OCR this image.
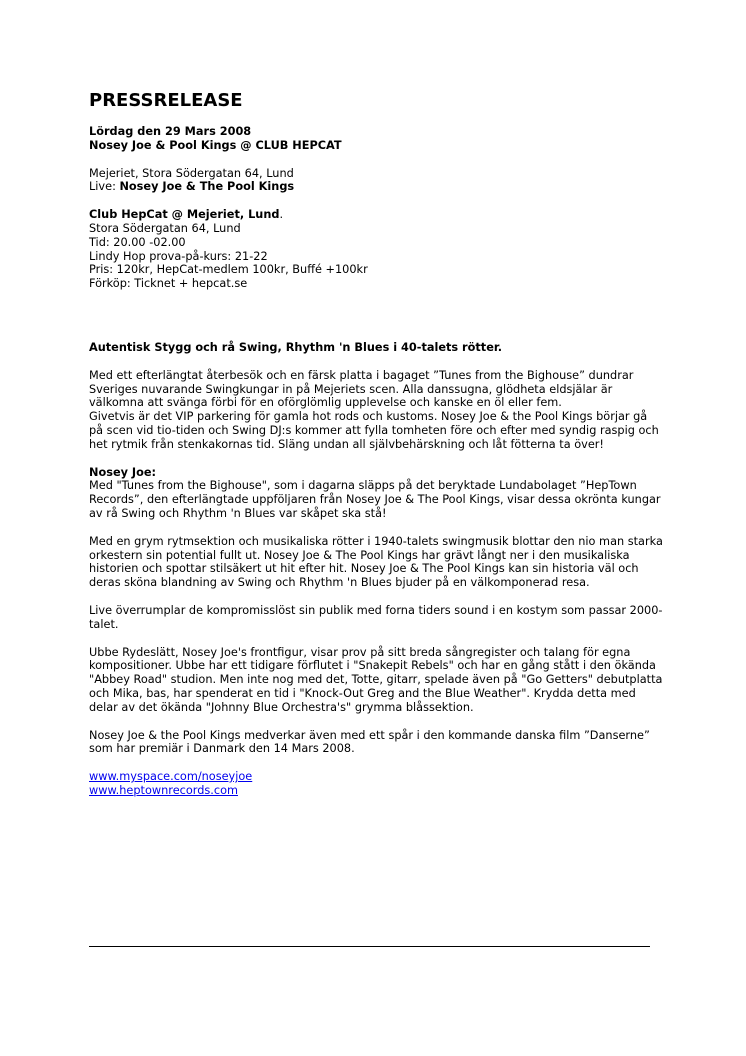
PRESSRELEASE

Lördag den 29 Mars 2008

Nosey Joe & Pool Kings @ CLUB HEPCAT

Mejeriet, Stora Södergatan 64, Lund

Live: Nosey Joe & The Pool Kings

Club HepCat @ Mejeriet, Lund.

Stora Södergatan 64, Lund

Tid: 20.00 -02.00

Lindy Hop prova-på-kurs: 21-22

Pris: 120kr, HepCat-medlem 100kr, Buffé +100kr

Förköp: Ticknet + hepcat.se

Autentisk Stygg och rå Swing, Rhythm 'n Blues i 40-talets rötter.

Med ett efterlängtat återbesök och en färsk platta i bagaget ”Tunes from the Bighouse” dundrar Sveriges nuvarande Swingkungar in på Mejeriets scen. Alla danssugna, glödheta eldsjälar är välkomna att svänga förbi för en oförglömlig upplevelse och kanske en öl eller fem.

Givetvis är det VIP parkering för gamla hot rods och kustoms. Nosey Joe & the Pool Kings börjar gå på scen vid tio-tiden och Swing DJ:s kommer att fylla tomheten före och efter med syndig raspig och het rytmik från stenkakornas tid. Släng undan all självbehärskning och låt fötterna ta över!

Nosey Joe:

Med "Tunes from the Bighouse", som i dagarna släpps på det beryktade Lundabolaget ”HepTown Records”, den efterlängtade uppföljaren från Nosey Joe & The Pool Kings, visar dessa okrönta kungar av rå Swing och Rhythm 'n Blues var skåpet ska stå!

Med en grym rytmsektion och musikaliska rötter i 1940-talets swingmusik blottar den nio man starka orkestern sin potential fullt ut. Nosey Joe & The Pool Kings har grävt långt ner i den musikaliska historien och spottar stilsäkert ut hit efter hit. Nosey Joe & The Pool Kings kan sin historia väl och deras sköna blandning av Swing och Rhythm 'n Blues bjuder på en välkomponerad resa.

Live överrumplar de kompromisslöst sin publik med forna tiders sound i en kostym som passar 2000-talet.

Ubbe Rydeslätt, Nosey Joe's frontfigur, visar prov på sitt breda sångregister och talang för egna kompositioner. Ubbe har ett tidigare förflutet i "Snakepit Rebels" och har en gång stått i den ökända "Abbey Road" studion. Men inte nog med det, Totte, gitarr, spelade även på "Go Getters" debutplatta och Mika, bas, har spenderat en tid i "Knock-Out Greg and the Blue Weather". Krydda detta med delar av det ökända "Johnny Blue Orchestra's" grymma blåssektion.

Nosey Joe & the Pool Kings medverkar även med ett spår i den kommande danska film ”Danserne” som har premiär i Danmark den 14 Mars 2008.

www.myspace.com/noseyjoe

www.heptownrecords.com
